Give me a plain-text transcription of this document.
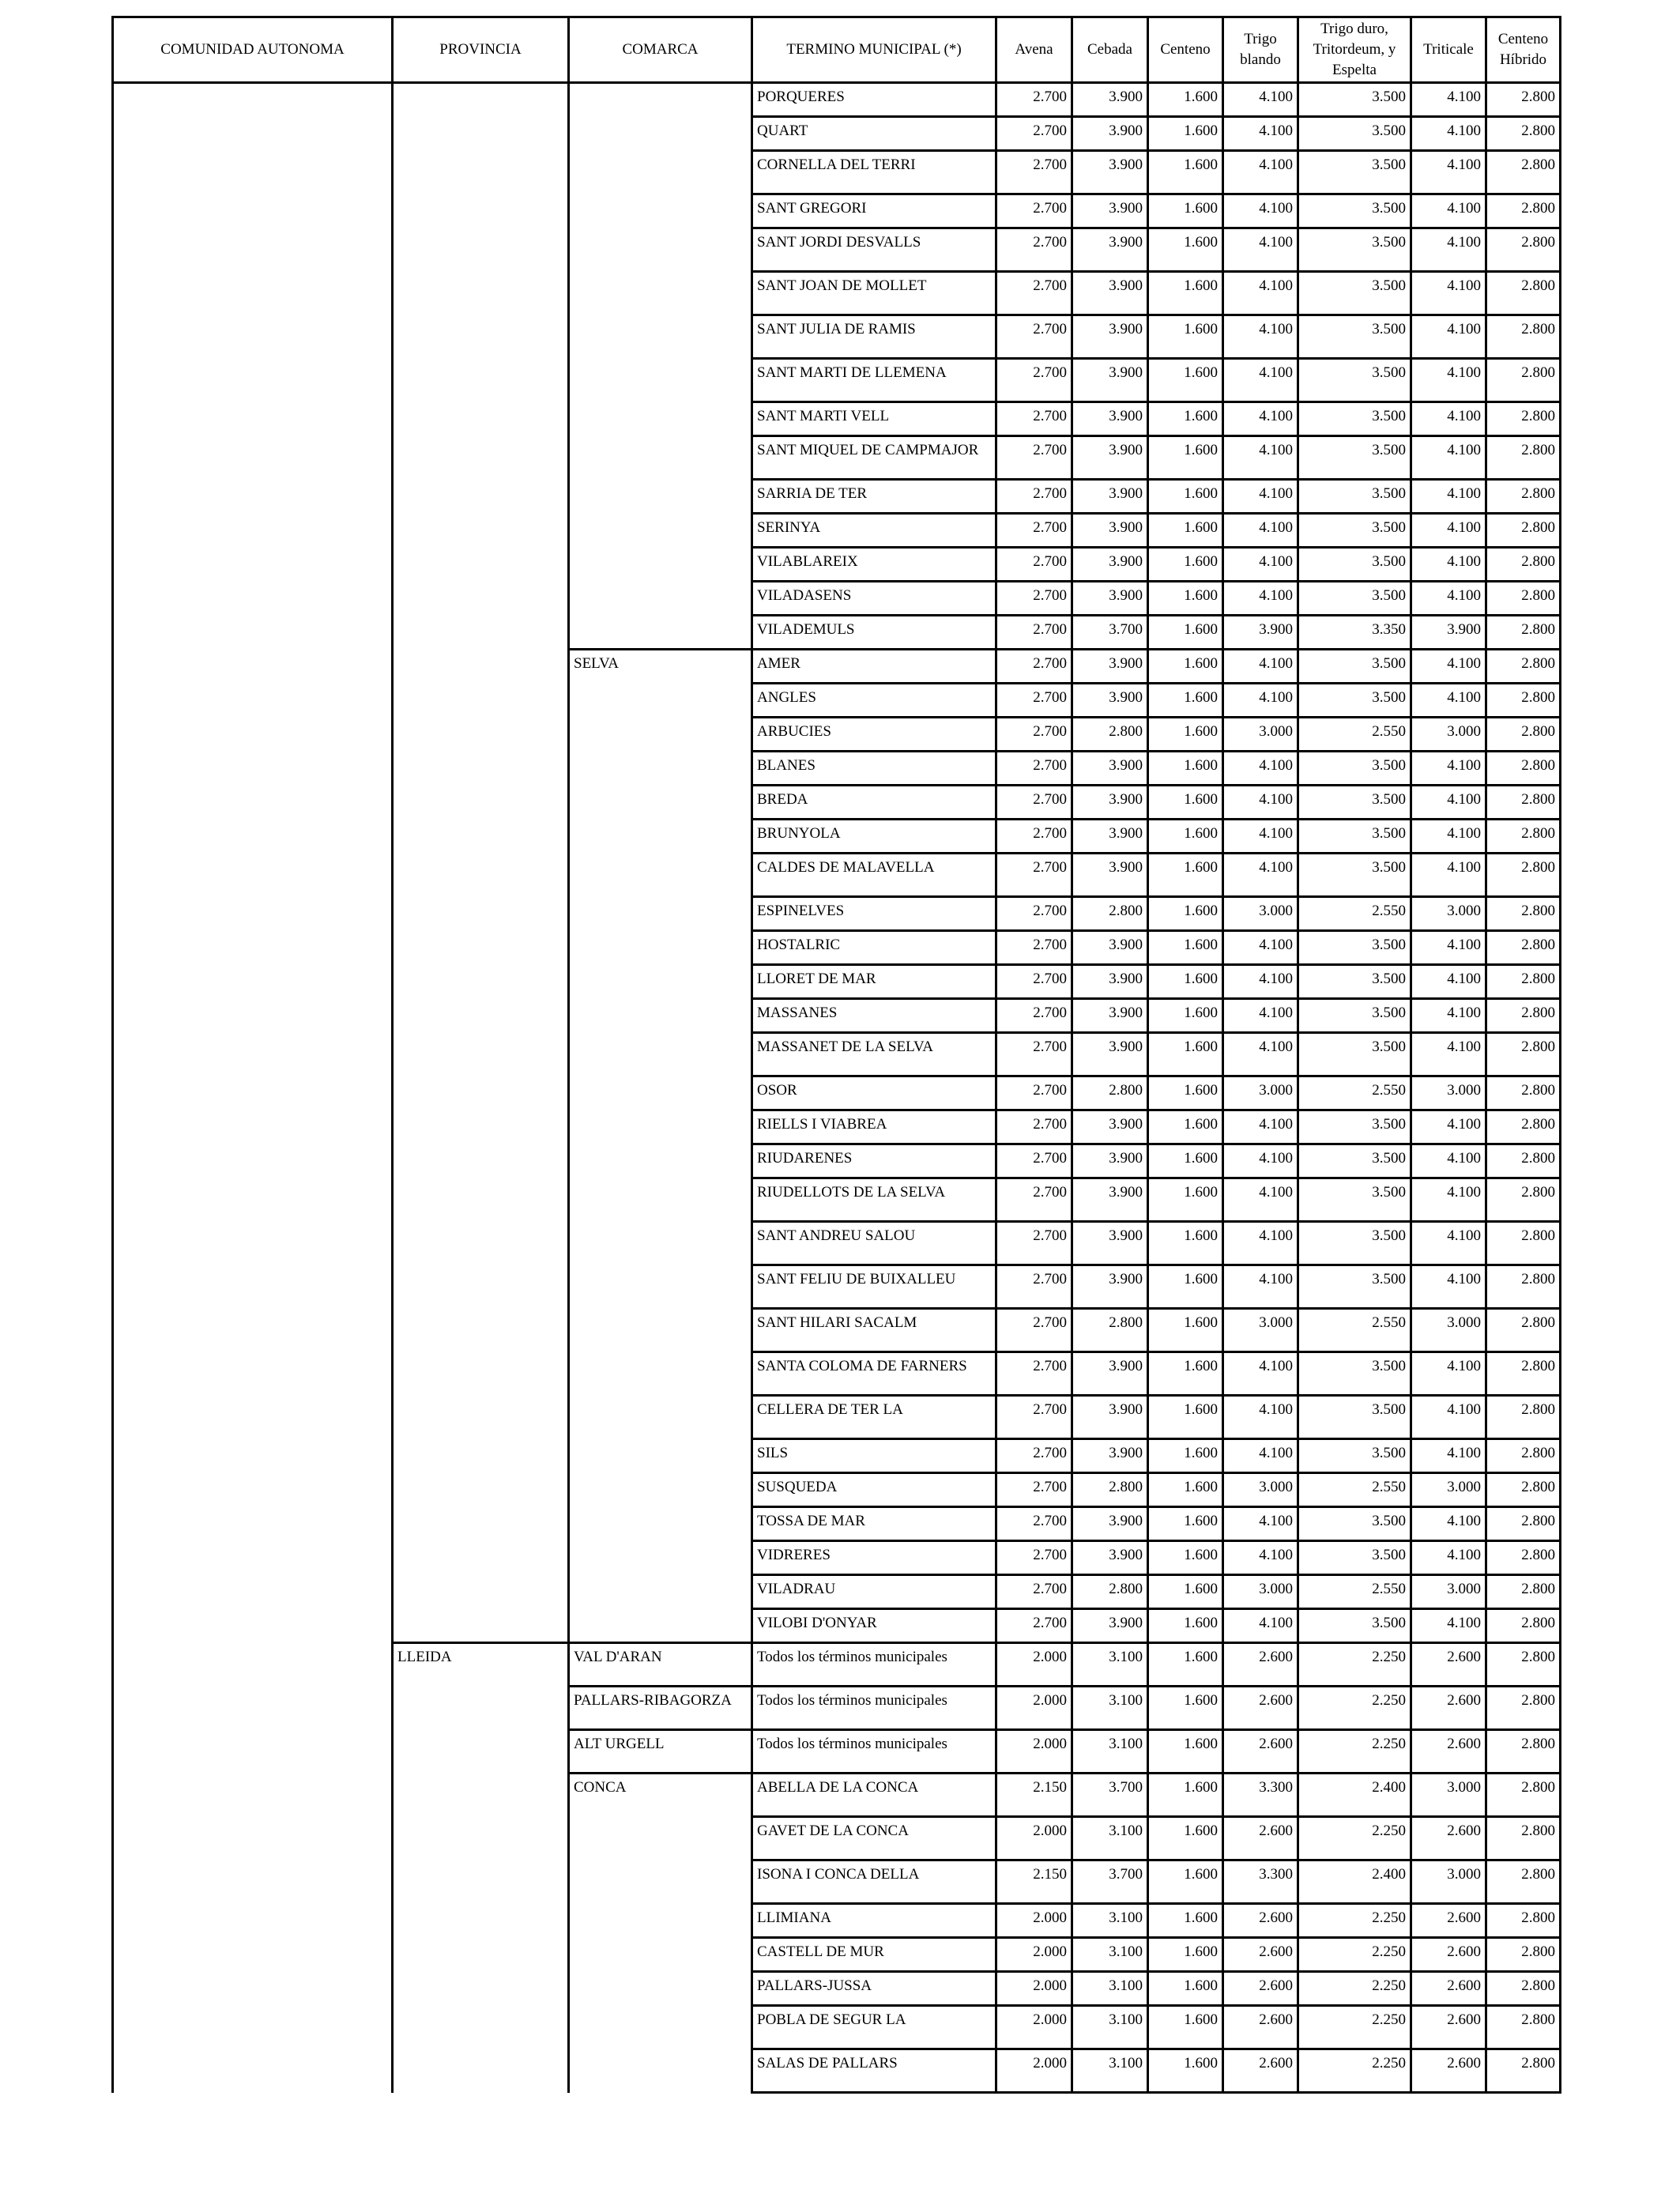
COMUNIDAD AUTONOMA	PROVINCIA	COMARCA	TERMINO MUNICIPAL (*)	Avena	Cebada	Centeno	Trigo blando	Trigo duro, Tritordeum, y Espelta	Triticale	Centeno Híbrido
			PORQUERES	2.700	3.900	1.600	4.100	3.500	4.100	2.800
			QUART	2.700	3.900	1.600	4.100	3.500	4.100	2.800
			CORNELLA DEL TERRI	2.700	3.900	1.600	4.100	3.500	4.100	2.800
			SANT GREGORI	2.700	3.900	1.600	4.100	3.500	4.100	2.800
			SANT JORDI DESVALLS	2.700	3.900	1.600	4.100	3.500	4.100	2.800
			SANT JOAN DE MOLLET	2.700	3.900	1.600	4.100	3.500	4.100	2.800
			SANT JULIA DE RAMIS	2.700	3.900	1.600	4.100	3.500	4.100	2.800
			SANT MARTI DE LLEMENA	2.700	3.900	1.600	4.100	3.500	4.100	2.800
			SANT MARTI VELL	2.700	3.900	1.600	4.100	3.500	4.100	2.800
			SANT MIQUEL DE CAMPMAJOR	2.700	3.900	1.600	4.100	3.500	4.100	2.800
			SARRIA DE TER	2.700	3.900	1.600	4.100	3.500	4.100	2.800
			SERINYA	2.700	3.900	1.600	4.100	3.500	4.100	2.800
			VILABLAREIX	2.700	3.900	1.600	4.100	3.500	4.100	2.800
			VILADASENS	2.700	3.900	1.600	4.100	3.500	4.100	2.800
			VILADEMULS	2.700	3.700	1.600	3.900	3.350	3.900	2.800
		SELVA	AMER	2.700	3.900	1.600	4.100	3.500	4.100	2.800
			ANGLES	2.700	3.900	1.600	4.100	3.500	4.100	2.800
			ARBUCIES	2.700	2.800	1.600	3.000	2.550	3.000	2.800
			BLANES	2.700	3.900	1.600	4.100	3.500	4.100	2.800
			BREDA	2.700	3.900	1.600	4.100	3.500	4.100	2.800
			BRUNYOLA	2.700	3.900	1.600	4.100	3.500	4.100	2.800
			CALDES DE MALAVELLA	2.700	3.900	1.600	4.100	3.500	4.100	2.800
			ESPINELVES	2.700	2.800	1.600	3.000	2.550	3.000	2.800
			HOSTALRIC	2.700	3.900	1.600	4.100	3.500	4.100	2.800
			LLORET DE MAR	2.700	3.900	1.600	4.100	3.500	4.100	2.800
			MASSANES	2.700	3.900	1.600	4.100	3.500	4.100	2.800
			MASSANET DE LA SELVA	2.700	3.900	1.600	4.100	3.500	4.100	2.800
			OSOR	2.700	2.800	1.600	3.000	2.550	3.000	2.800
			RIELLS I VIABREA	2.700	3.900	1.600	4.100	3.500	4.100	2.800
			RIUDARENES	2.700	3.900	1.600	4.100	3.500	4.100	2.800
			RIUDELLOTS DE LA SELVA	2.700	3.900	1.600	4.100	3.500	4.100	2.800
			SANT ANDREU SALOU	2.700	3.900	1.600	4.100	3.500	4.100	2.800
			SANT FELIU DE BUIXALLEU	2.700	3.900	1.600	4.100	3.500	4.100	2.800
			SANT HILARI SACALM	2.700	2.800	1.600	3.000	2.550	3.000	2.800
			SANTA COLOMA DE FARNERS	2.700	3.900	1.600	4.100	3.500	4.100	2.800
			CELLERA DE TER LA	2.700	3.900	1.600	4.100	3.500	4.100	2.800
			SILS	2.700	3.900	1.600	4.100	3.500	4.100	2.800
			SUSQUEDA	2.700	2.800	1.600	3.000	2.550	3.000	2.800
			TOSSA DE MAR	2.700	3.900	1.600	4.100	3.500	4.100	2.800
			VIDRERES	2.700	3.900	1.600	4.100	3.500	4.100	2.800
			VILADRAU	2.700	2.800	1.600	3.000	2.550	3.000	2.800
			VILOBI D'ONYAR	2.700	3.900	1.600	4.100	3.500	4.100	2.800
	LLEIDA	VAL D'ARAN	Todos los términos municipales	2.000	3.100	1.600	2.600	2.250	2.600	2.800
		PALLARS-RIBAGORZA	Todos los términos municipales	2.000	3.100	1.600	2.600	2.250	2.600	2.800
		ALT URGELL	Todos los términos municipales	2.000	3.100	1.600	2.600	2.250	2.600	2.800
		CONCA	ABELLA DE LA CONCA	2.150	3.700	1.600	3.300	2.400	3.000	2.800
			GAVET DE LA CONCA	2.000	3.100	1.600	2.600	2.250	2.600	2.800
			ISONA I CONCA DELLA	2.150	3.700	1.600	3.300	2.400	3.000	2.800
			LLIMIANA	2.000	3.100	1.600	2.600	2.250	2.600	2.800
			CASTELL DE MUR	2.000	3.100	1.600	2.600	2.250	2.600	2.800
			PALLARS-JUSSA	2.000	3.100	1.600	2.600	2.250	2.600	2.800
			POBLA DE SEGUR LA	2.000	3.100	1.600	2.600	2.250	2.600	2.800
			SALAS DE PALLARS	2.000	3.100	1.600	2.600	2.250	2.600	2.800
